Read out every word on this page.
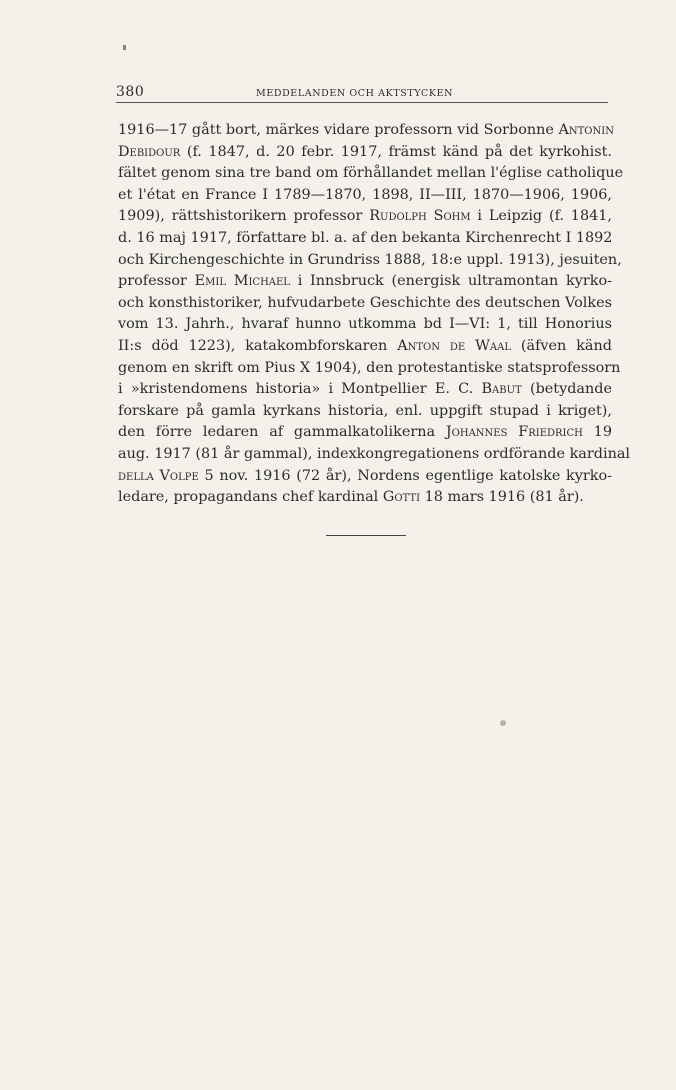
380	MEDDELANDEN OCH AKTSTYCKEN
1916—17 gått bort, märkes vidare professorn vid Sorbonne Antonin
Debidour (f. 1847, d. 20 febr. 1917, främst känd på det kyrkohist.
fältet genom sina tre band om förhållandet mellan l'église catholique
et l'état en France I 1789—1870, 1898, II—III, 1870—1906, 1906,
1909), rättshistorikern professor Rudolph Sohm i Leipzig (f. 1841,
d. 16 maj 1917, författare bl. a. af den bekanta Kirchenrecht I 1892
och Kirchengeschichte in Grundriss 1888, 18:e uppl. 1913), jesuiten,
professor Emil Michael i Innsbruck (energisk ultramontan kyrko-
och konsthistoriker, hufvudarbete Geschichte des deutschen Volkes
vom 13. Jahrh., hvaraf hunno utkomma bd I—VI: 1, till Honorius
II:s död 1223), katakombforskaren Anton de Waal (äfven känd
genom en skrift om Pius X 1904), den protestantiske statsprofessorn
i »kristendomens historia» i Montpellier E. C. Babut (betydande
forskare på gamla kyrkans historia, enl. uppgift stupad i kriget),
den förre ledaren af gammalkatolikerna Johannes Friedrich 19
aug. 1917 (81 år gammal), indexkongregationens ordförande kardinal
della Volpe 5 nov. 1916 (72 år), Nordens egentlige katolske kyrko-
ledare, propagandans chef kardinal Gotti 18 mars 1916 (81 år).
